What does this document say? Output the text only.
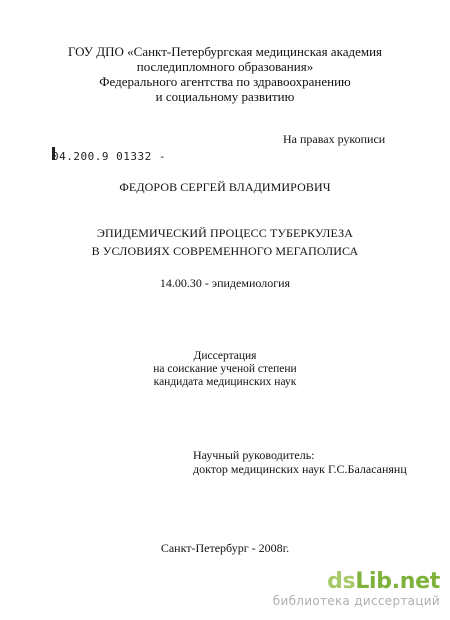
ГОУ ДПО «Санкт-Петербургская медицинская академия
последипломного образования»
Федерального агентства по здравоохранению
и социальному развитию
На правах рукописи
04.200.9 01332 -
ФЕДОРОВ СЕРГЕЙ ВЛАДИМИРОВИЧ
ЭПИДЕМИЧЕСКИЙ ПРОЦЕСС ТУБЕРКУЛЕЗА
В УСЛОВИЯХ СОВРЕМЕННОГО МЕГАПОЛИСА
14.00.30 - эпидемиология
Диссертация
на соискание ученой степени
кандидата медицинских наук
Научный руководитель:
доктор медицинских наук Г.С.Баласанянц
Санкт-Петербург - 2008г.
dsLib.net
библиотека диссертаций
